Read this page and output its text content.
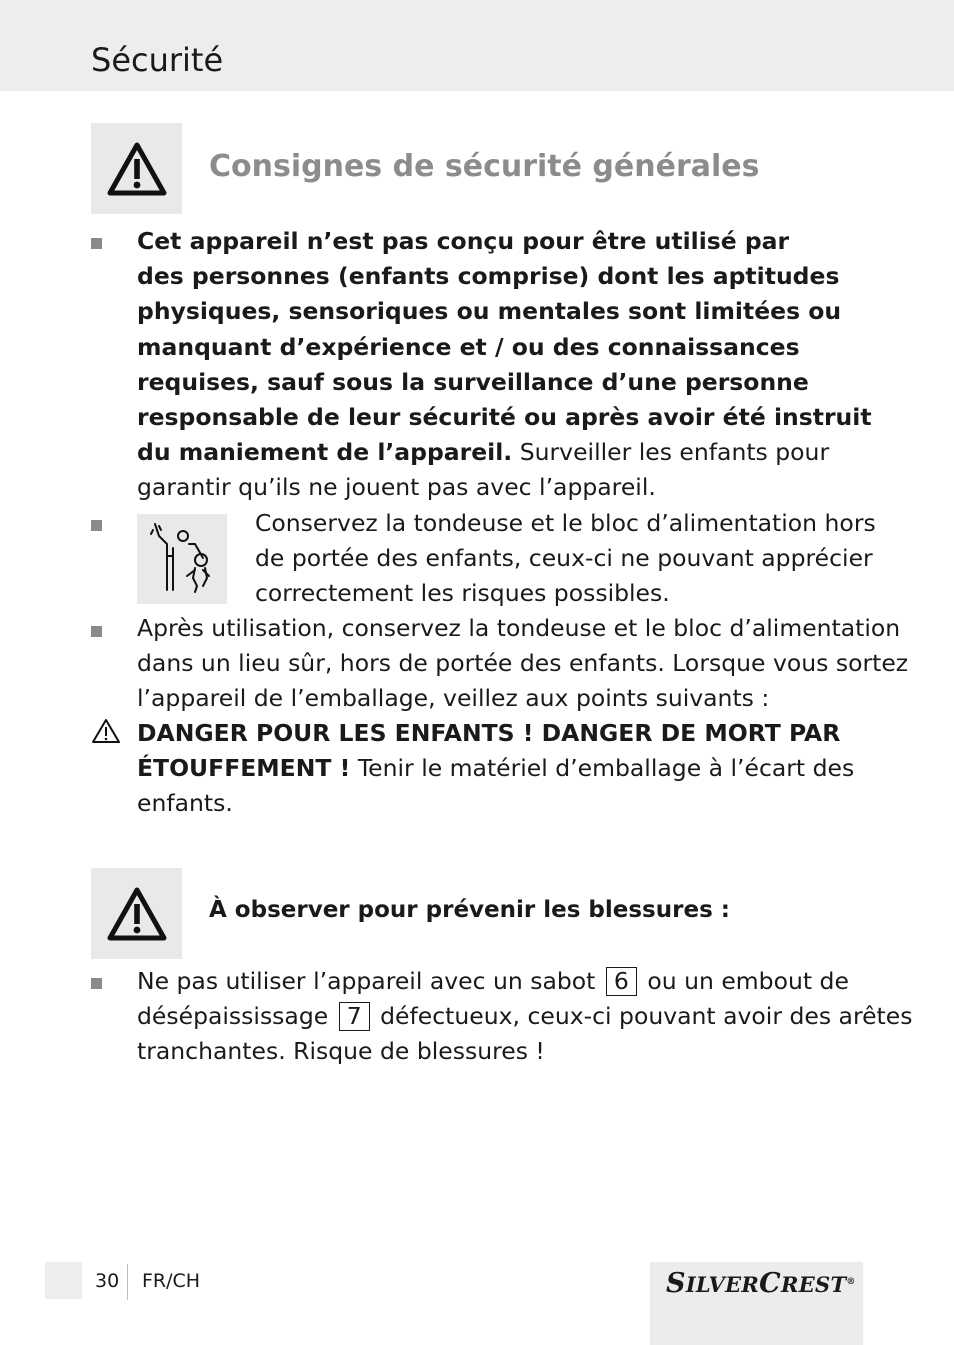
Sécurité
Consignes de sécurité générales
Cet appareil n’est pas conçu pour être utilisé par
des personnes (enfants comprise) dont les aptitudes
physiques, sensoriques ou mentales sont limitées ou
manquant d’expérience et / ou des connaissances
requises, sauf sous la surveillance d’une personne
responsable de leur sécurité ou après avoir été instruit
du maniement de l’appareil. Surveiller les enfants pour
garantir qu’ils ne jouent pas avec l’appareil.
Conservez la tondeuse et le bloc d’alimentation hors
de portée des enfants, ceux-ci ne pouvant apprécier
correctement les risques possibles.
Après utilisation, conservez la tondeuse et le bloc d’alimentation
dans un lieu sûr, hors de portée des enfants. Lorsque vous sortez
l’appareil de l’emballage, veillez aux points suivants :
DANGER POUR LES ENFANTS ! DANGER DE MORT PAR
ÉTOUFFEMENT ! Tenir le matériel d’emballage à l’écart des
enfants.
À observer pour prévenir les blessures :
Ne pas utiliser l’appareil avec un sabot 6 ou un embout de
désépaississage 7 défectueux, ceux-ci pouvant avoir des arêtes
tranchantes. Risque de blessures !
30 FR/CH	SILVERCREST®
